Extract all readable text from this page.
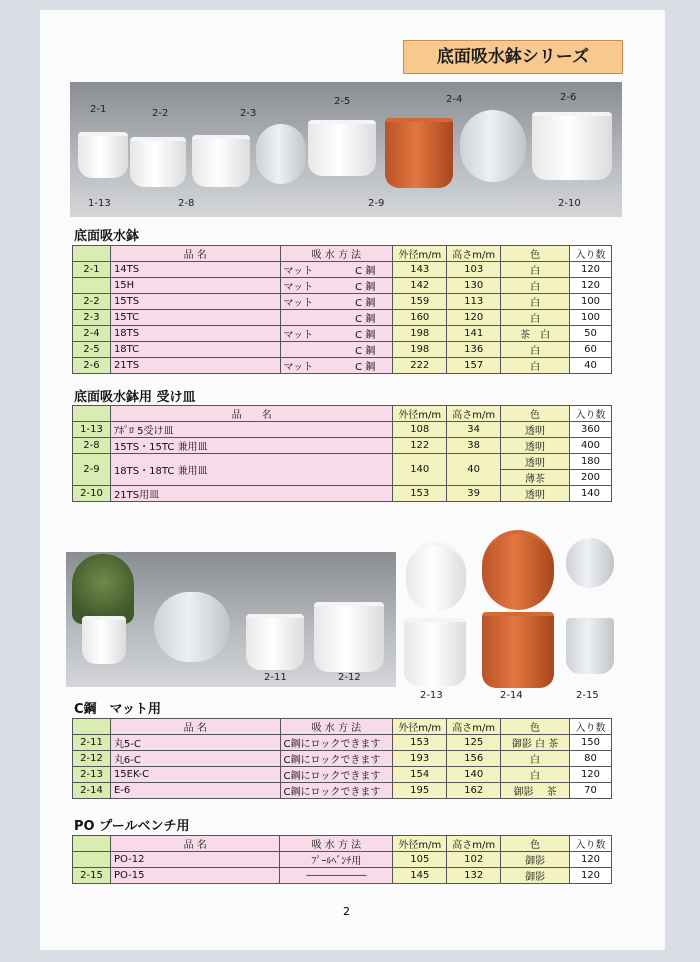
底面吸水鉢シリーズ
2-1	2-2	2-3
2-5	2-4	2-6
1-13	2-8	2-9	2-10
底面吸水鉢
	品 名	吸 水 方 法	外径m/m	高さm/m	色	入り数
2-1	14TS	マット C 鋼	143	103	白	120
	15H	マット C 鋼	142	130	白	120
2-2	15TS	マット C 鋼	159	113	白	100
2-3	15TC	C 鋼	160	120	白	100
2-4	18TS	マット C 鋼	198	141	茶　白	50
2-5	18TC	C 鋼	198	136	白	60
2-6	21TS	マット C 鋼	222	157	白	40
底面吸水鉢用 受け皿
	品　　名	外径m/m	高さm/m	色	入り数
1-13	ｱﾎﾟﾛ 5受け皿	108	34	透明	360
2-8	15TS・15TC 兼用皿	122	38	透明	400
2-9	18TS・18TC 兼用皿	140	40	透明	180
				薄茶	200
2-10	21TS用皿	153	39	透明	140
2-11	2-12
2-13	2-14	2-15
C鋼　マット用
	品 名	吸 水 方 法	外径m/m	高さm/m	色	入り数
2-11	丸5-C	C鋼にロックできます	153	125	御影 白 茶	150
2-12	丸6-C	C鋼にロックできます	193	156	白	80
2-13	15EK-C	C鋼にロックできます	154	140	白	120
2-14	E-6	C鋼にロックできます	195	162	御影　 茶	70
PO プールベンチ用
	品 名	吸 水 方 法	外径m/m	高さm/m	色	入り数
	PO-12	ﾌﾟｰﾙﾍﾞﾝﾁ用	105	102	御影	120
2-15	PO-15	――――――	145	132	御影	120
2
